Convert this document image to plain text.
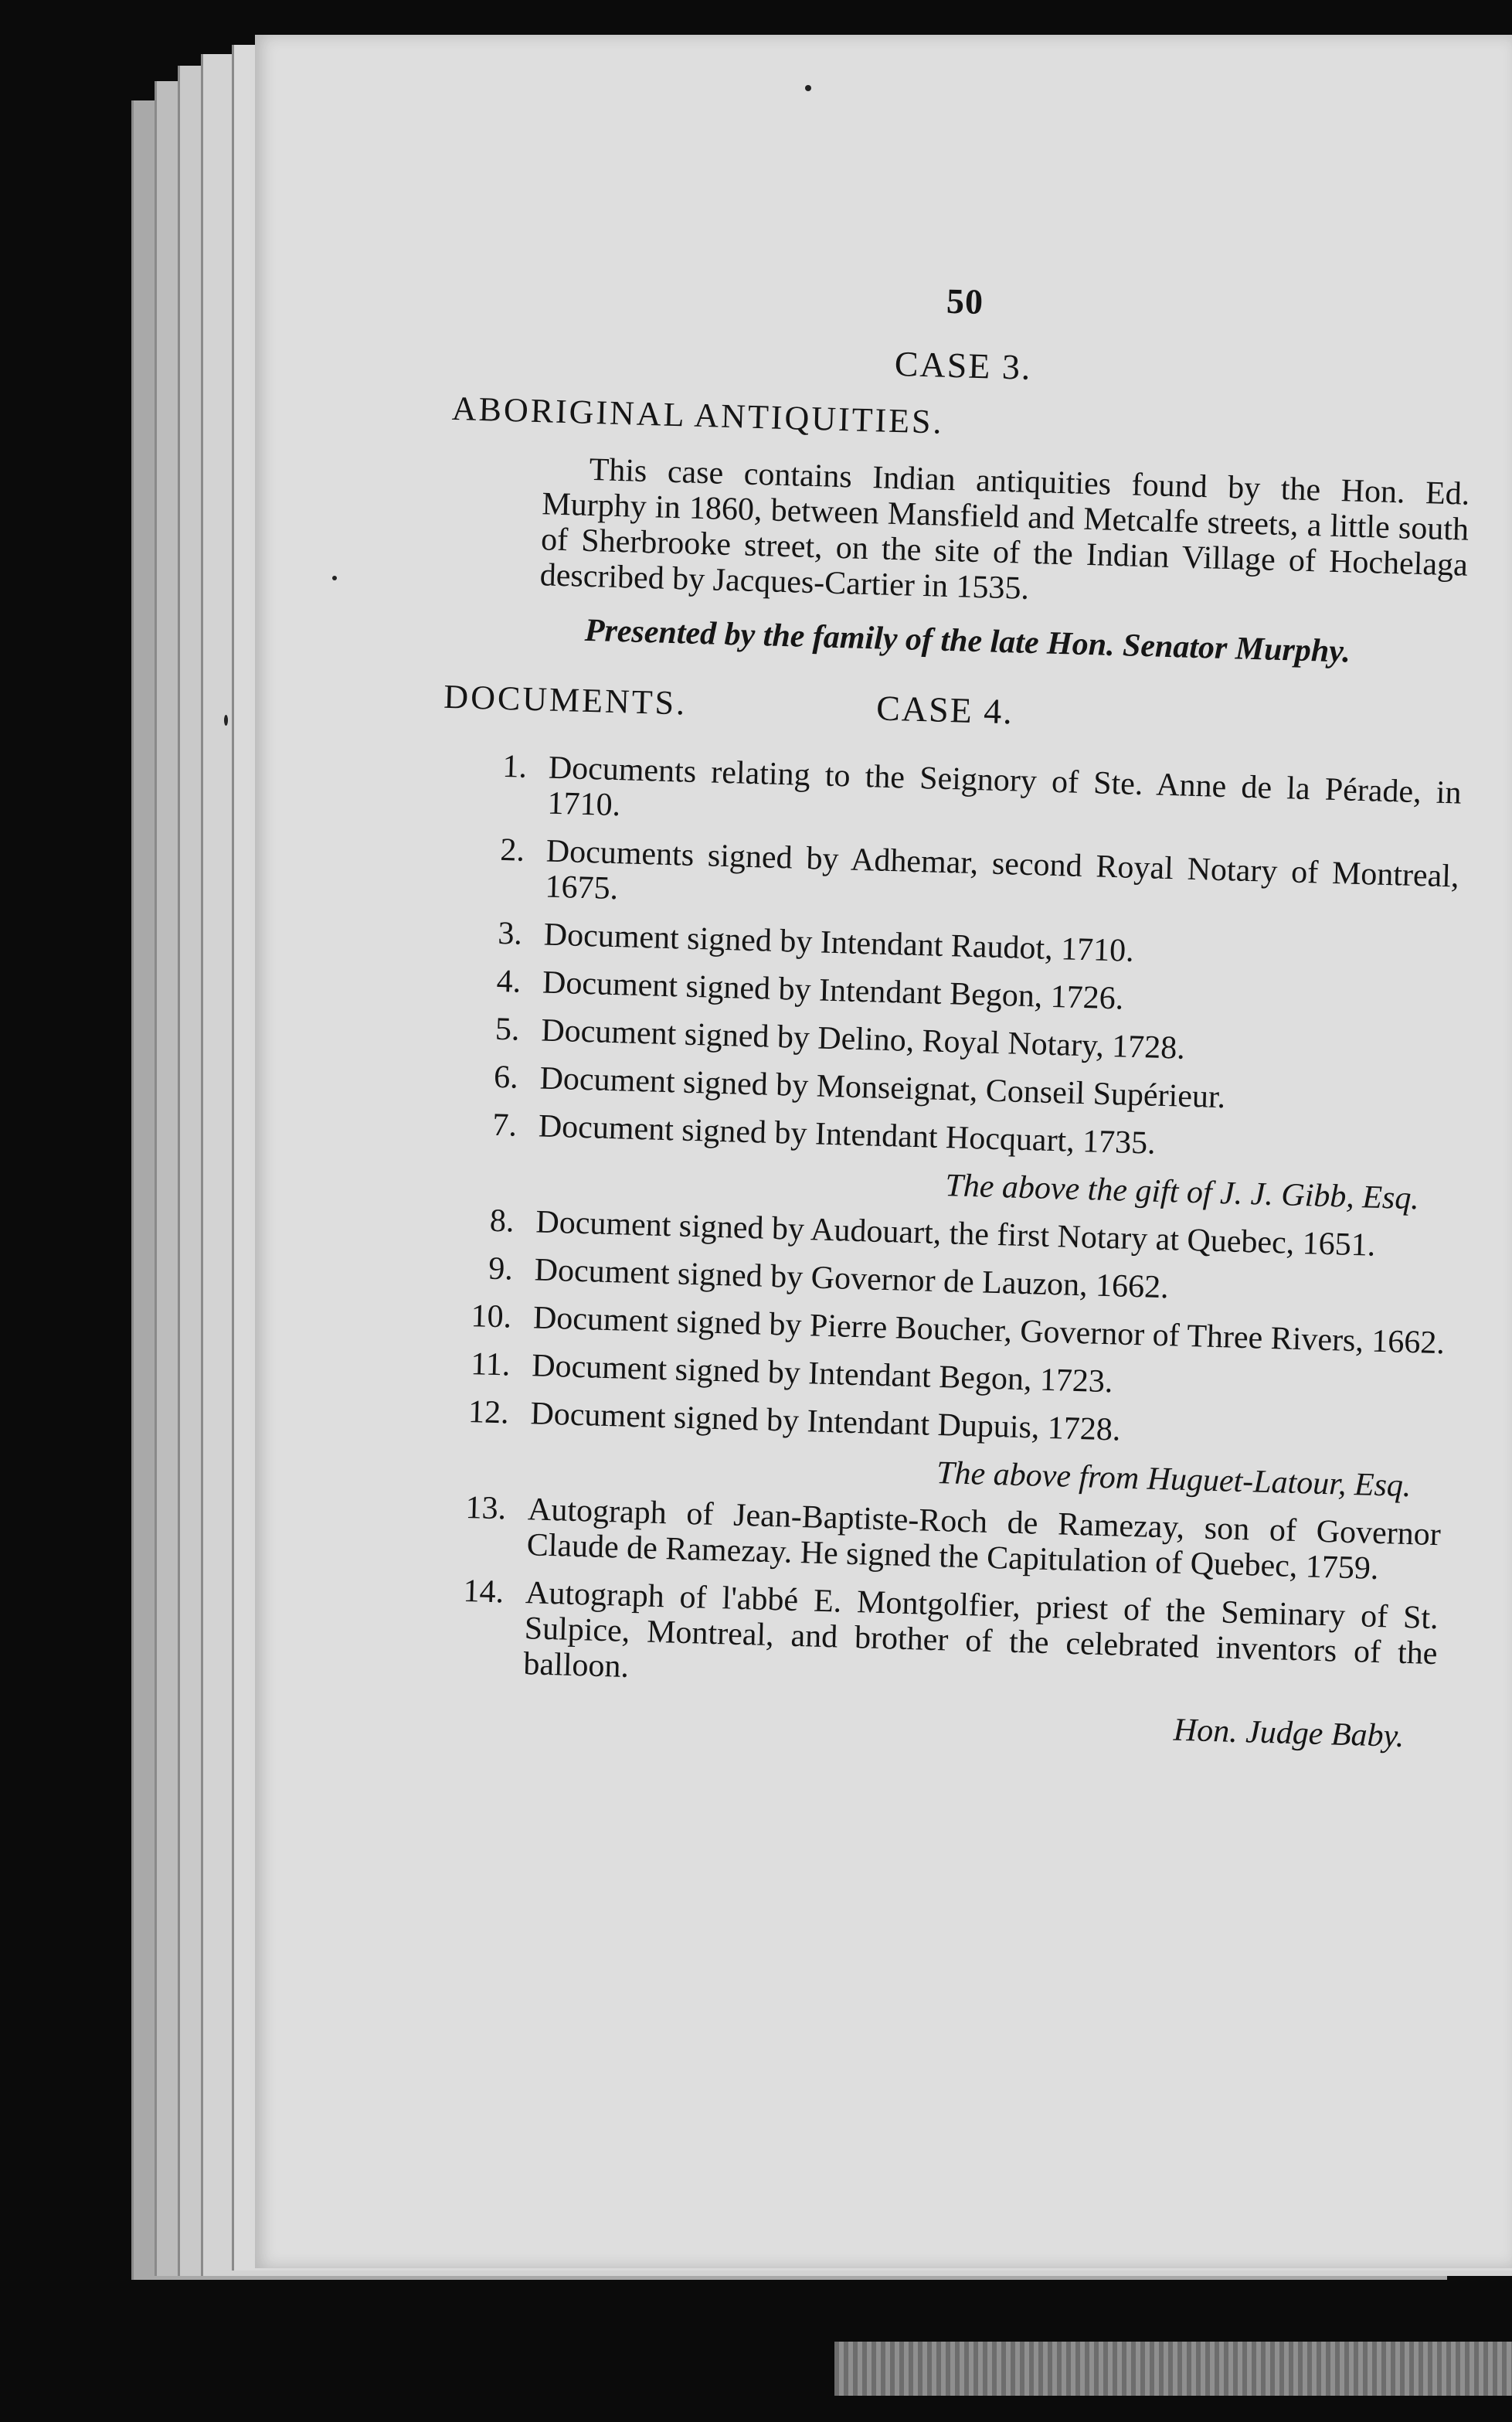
50
CASE 3.
ABORIGINAL ANTIQUITIES.

This case contains Indian antiquities found by the Hon. Ed. Murphy in 1860, between Mansfield and Metcalfe streets, a little south of Sherbrooke street, on the site of the Indian Village of Hochelaga described by Jacques-Cartier in 1535.

Presented by the family of the late Hon. Senator Murphy.

DOCUMENTS.	CASE 4.
1. Documents relating to the Seignory of Ste. Anne de la Pérade, in 1710.
2. Documents signed by Adhemar, second Royal Notary of Montreal, 1675.
3. Document signed by Intendant Raudot, 1710.
4. Document signed by Intendant Begon, 1726.
5. Document signed by Delino, Royal Notary, 1728.
6. Document signed by Monseignat, Conseil Supérieur.
7. Document signed by Intendant Hocquart, 1735.
The above the gift of J. J. Gibb, Esq.
8. Document signed by Audouart, the first Notary at Quebec, 1651.
9. Document signed by Governor de Lauzon, 1662.
10. Document signed by Pierre Boucher, Governor of Three Rivers, 1662.
11. Document signed by Intendant Begon, 1723.
12. Document signed by Intendant Dupuis, 1728.
The above from Huguet-Latour, Esq.
13. Autograph of Jean-Baptiste-Roch de Ramezay, son of Governor Claude de Ramezay. He signed the Capitulation of Quebec, 1759.
14. Autograph of l'abbé E. Montgolfier, priest of the Seminary of St. Sulpice, Montreal, and brother of the celebrated inventors of the balloon.
Hon. Judge Baby.
